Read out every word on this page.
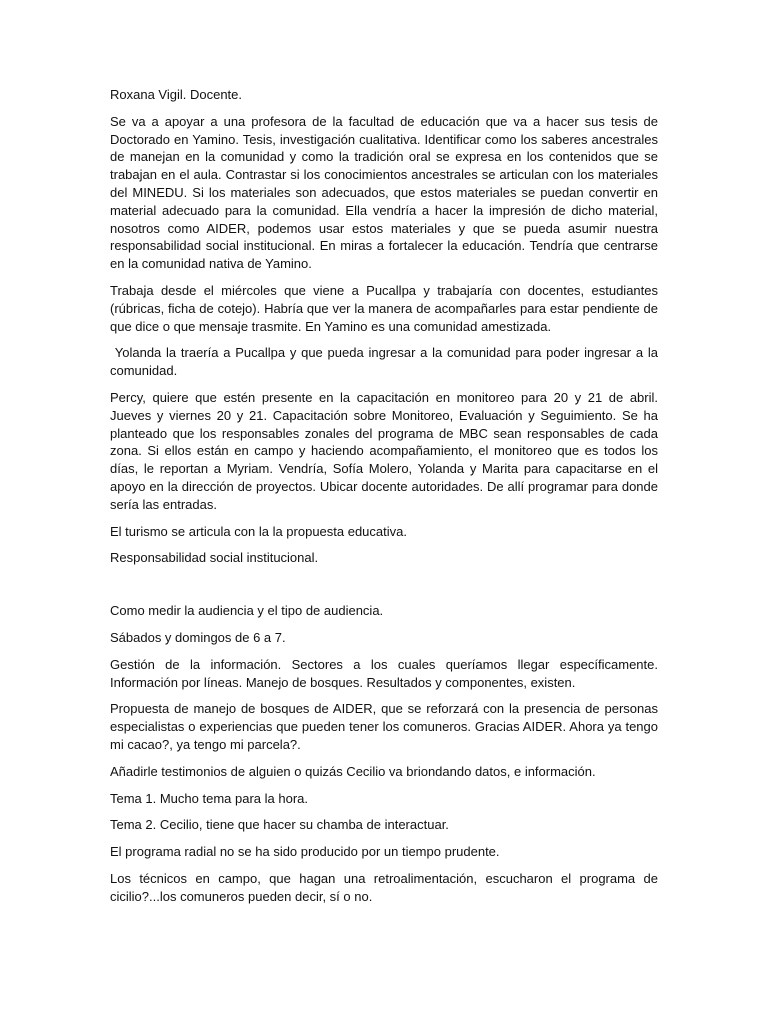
Roxana Vigil. Docente.

Se va a apoyar a una profesora de la facultad de educación que va a hacer sus tesis de Doctorado en Yamino. Tesis, investigación cualitativa. Identificar como los saberes ancestrales de manejan en la comunidad y como la tradición oral se expresa en los contenidos que se trabajan en el aula. Contrastar si los conocimientos ancestrales se articulan con los materiales del MINEDU. Si los materiales son adecuados, que estos materiales se puedan convertir en material adecuado para la comunidad. Ella vendría a hacer la impresión de dicho material, nosotros como AIDER, podemos usar estos materiales y que se pueda asumir nuestra responsabilidad social institucional. En miras a fortalecer la educación. Tendría que centrarse en la comunidad nativa de Yamino.

Trabaja desde el miércoles que viene a Pucallpa y trabajaría con docentes, estudiantes (rúbricas, ficha de cotejo). Habría que ver la manera de acompañarles para estar pendiente de que dice o que mensaje trasmite. En Yamino es una comunidad amestizada.

Yolanda la traería a Pucallpa y que pueda ingresar a la comunidad para poder ingresar a la comunidad.

Percy, quiere que estén presente en la capacitación en monitoreo para 20 y 21 de abril. Jueves y viernes 20 y 21. Capacitación sobre Monitoreo, Evaluación y Seguimiento. Se ha planteado que los responsables zonales del programa de MBC sean responsables de cada zona. Si ellos están en campo y haciendo acompañamiento, el monitoreo que es todos los días, le reportan a Myriam. Vendría, Sofía Molero, Yolanda y Marita para capacitarse en el apoyo en la dirección de proyectos. Ubicar docente autoridades. De allí programar para donde sería las entradas.

El turismo se articula con la la propuesta educativa.

Responsabilidad social institucional.

Como medir la audiencia y el tipo de audiencia.

Sábados y domingos de 6 a 7.

Gestión de la información. Sectores a los cuales queríamos llegar específicamente. Información por líneas. Manejo de bosques. Resultados y componentes, existen.

Propuesta de manejo de bosques de AIDER, que se reforzará con la presencia de personas especialistas o experiencias que pueden tener los comuneros. Gracias AIDER. Ahora ya tengo mi cacao?, ya tengo mi parcela?.

Añadirle testimonios de alguien o quizás Cecilio va briondando datos, e información.

Tema 1. Mucho tema para la hora.

Tema 2. Cecilio, tiene que hacer su chamba de interactuar.

El programa radial no se ha sido producido por un tiempo prudente.

Los técnicos en campo, que hagan una retroalimentación, escucharon el programa de cicilio?...los comuneros pueden decir, sí o no.
